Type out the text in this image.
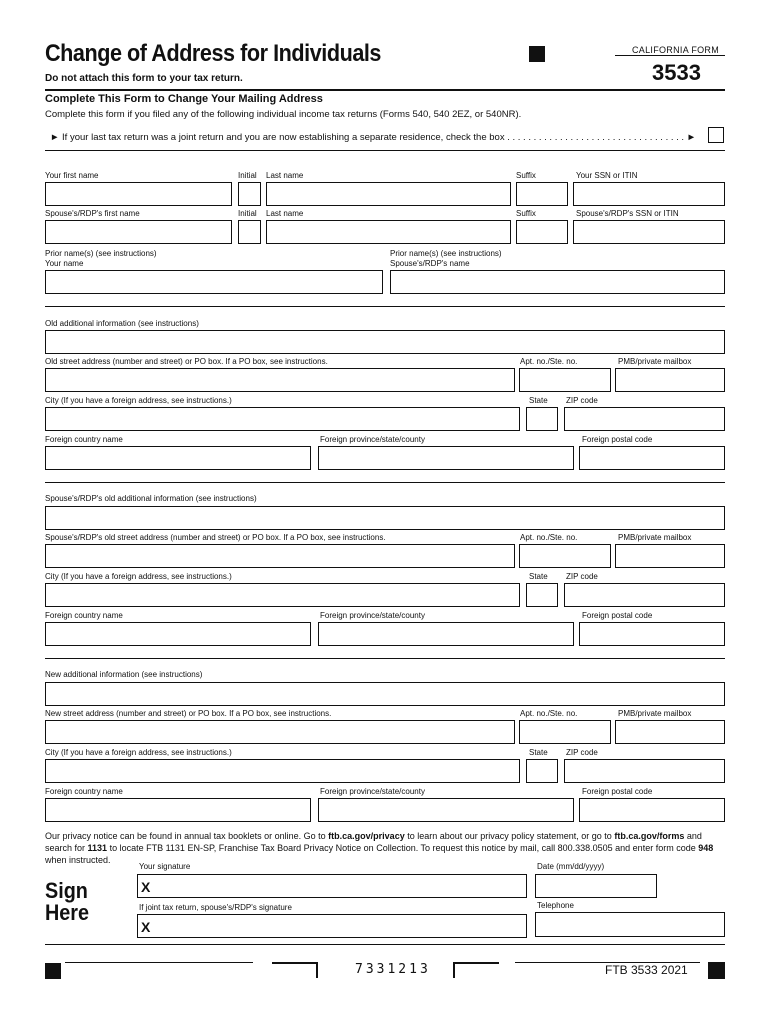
Change of Address for Individuals
Do not attach this form to your tax return.
CALIFORNIA FORM
3533
Complete This Form to Change Your Mailing Address
Complete this form if you filed any of the following individual income tax returns (Forms 540, 540 2EZ, or 540NR).
► If your last tax return was a joint return and you are now establishing a separate residence, check the box . . . . . . . . . . . . . . . . . . . . . . . . . . . . . . . . . . ►
Your first name	Initial Last name	Suffix	Your SSN or ITIN
Spouse's/RDP's first name	Initial Last name	Suffix	Spouse's/RDP's SSN or ITIN
Prior name(s) (see instructions)
Your name
Prior name(s) (see instructions)
Spouse's/RDP's name
Old additional information (see instructions)
Old street address (number and street) or PO box. If a PO box, see instructions.	Apt. no./Ste. no.	PMB/private mailbox
City (If you have a foreign address, see instructions.)	State ZIP code
Foreign country name	Foreign province/state/county	Foreign postal code
Spouse's/RDP's old additional information (see instructions)
Spouse's/RDP's old street address (number and street) or PO box. If a PO box, see instructions.	Apt. no./Ste. no.	PMB/private mailbox
City (If you have a foreign address, see instructions.)	State ZIP code
Foreign country name	Foreign province/state/county	Foreign postal code
New additional information (see instructions)
New street address (number and street) or PO box. If a PO box, see instructions.	Apt. no./Ste. no.	PMB/private mailbox
City (If you have a foreign address, see instructions.)	State ZIP code
Foreign country name	Foreign province/state/county	Foreign postal code
Our privacy notice can be found in annual tax booklets or online. Go to ftb.ca.gov/privacy to learn about our privacy policy statement, or go to ftb.ca.gov/forms and search for 1131 to locate FTB 1131 EN-SP, Franchise Tax Board Privacy Notice on Collection. To request this notice by mail, call 800.338.0505 and enter form code 948 when instructed.
Sign
Here
Your signature	Date (mm/dd/yyyy)
X
If joint tax return, spouse's/RDP's signature	Telephone
X
7331213	FTB 3533 2021
